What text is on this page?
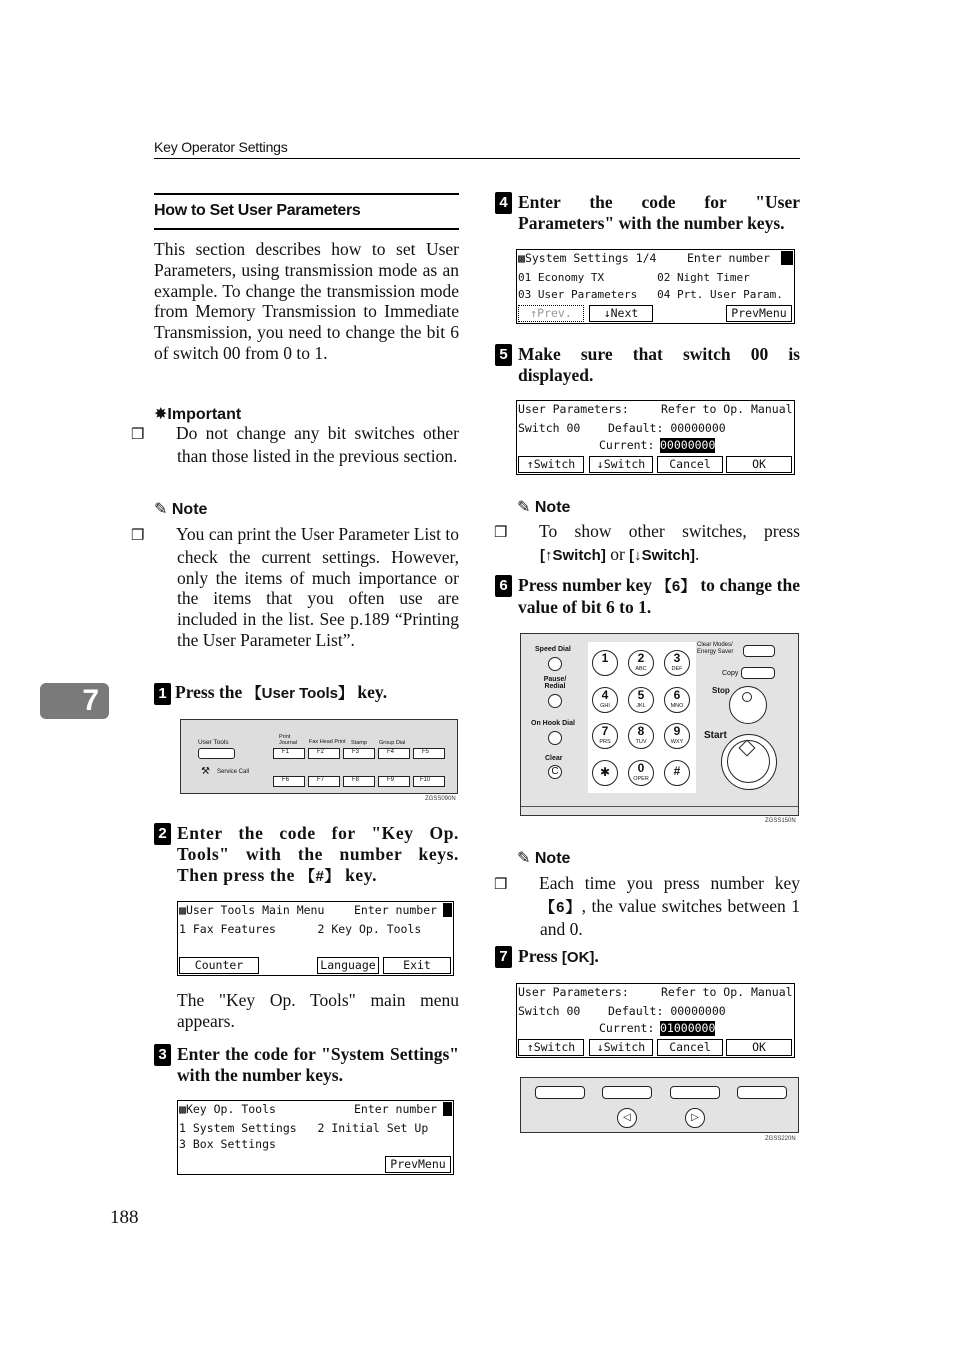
Key Operator Settings
How to Set User Parameters
This section describes how to set User Parameters, using transmission mode as an example. To change the transmission mode from Memory Transmission to Immediate Transmission, you need to change the bit 6 of switch 00 from 0 to 1.
✸Important
❒ Do not change any bit switches other than those listed in the previous section.
✎ Note
❒ You can print the User Parameter List to check the current settings. However, only the items of much importance or the items that you often use are included in the list. See p.189 “Printing the User Parameter List”.
7	1 Press the 【User Tools】 key.
User Tools
Service Call
⚒
Print Journal	Fax Head Print Stamp Group Dial
F1	F2	F3	F4	F5
F6	F7	F8	F9	F10
ZGSS090N
2 Enter the code for "Key Op. Tools" with the number keys. Then press the 【#】 key.
▩User Tools Main Menu	Enter number
1 Fax Features      2 Key Op. Tools
Counter	Language	Exit
The "Key Op. Tools" main menu appears.
3 Enter the code for "System Settings" with the number keys.
▩Key Op. Tools	Enter number
1 System Settings   2 Initial Set Up
3 Box Settings
PrevMenu
188
4 Enter the code for "User Parameters" with the number keys.
▩System Settings 1/4	Enter number
01 Economy TX        02 Night Timer
03 User Parameters   04 Prt. User Param.
↑Prev.	↓Next	PrevMenu
5 Make sure that switch 00 is displayed.
User Parameters:	Refer to Op. Manual
Switch 00    Default: 00000000
Current: 00000000
↑Switch	↓Switch	Cancel	OK
✎ Note
❒ To show other switches, press [↑Switch] or [↓Switch].
6 Press number key 【6】 to change the value of bit 6 to 1.
Speed Dial
Pause/ Redial
On Hook Dial
Clear
C
1	2
ABC
3
DEF
4
GHI
5
JKL
6
MNO
7
PRS
8
TUV
9
WXY
✱	0
OPER
#
Clear Modes/ Energy Saver
Copy
Stop
Start
ZGSS150N
✎ Note
❒ Each time you press number key 【6】, the value switches between 1 and 0.
7 Press [OK].
User Parameters:	Refer to Op. Manual
Switch 00    Default: 00000000
Current: 01000000
↑Switch	↓Switch	Cancel	OK
◁	▷
ZGSS220N
